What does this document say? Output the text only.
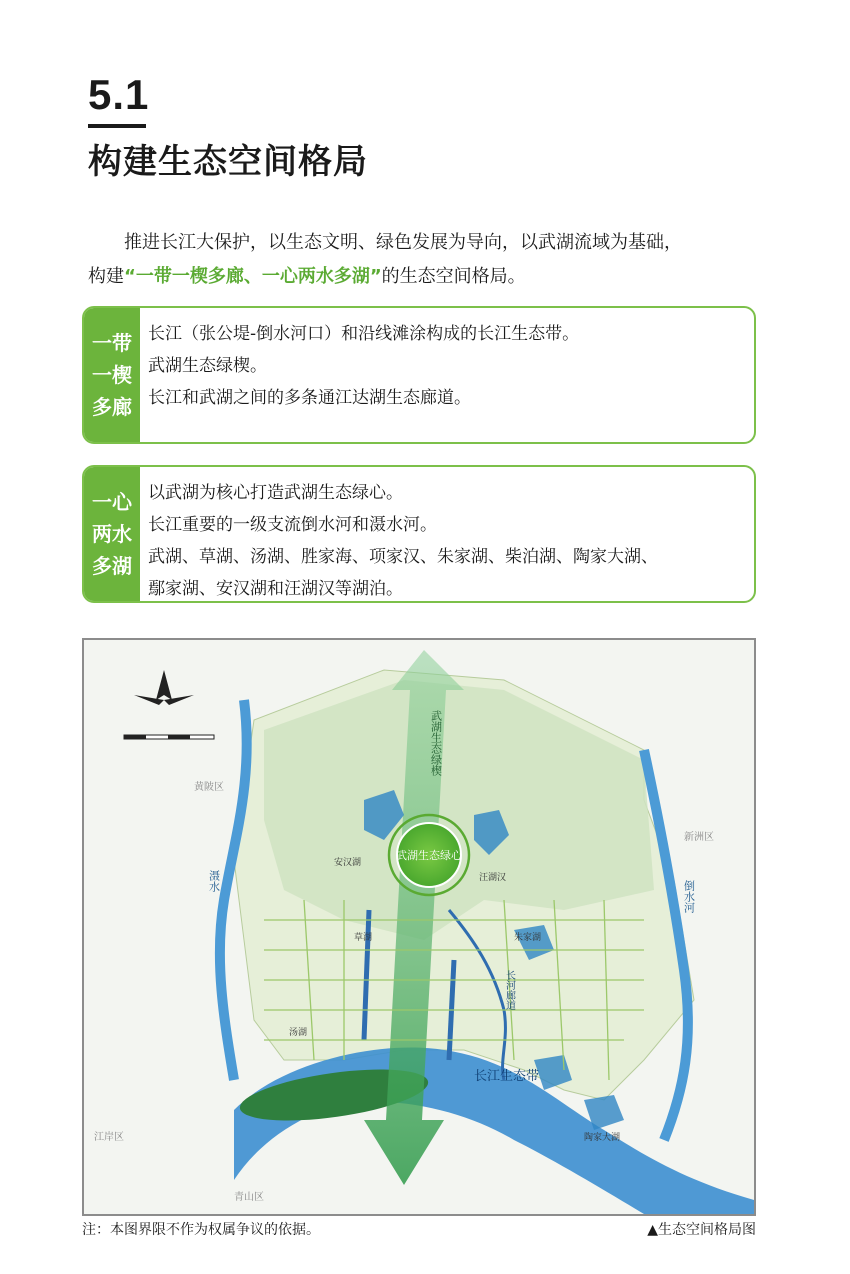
5.1
构建生态空间格局
推进长江大保护，以生态文明、绿色发展为导向，以武湖流域为基础，
构建“一带一楔多廊、一心两水多湖”的生态空间格局。
一带
一楔
多廊
长江（张公堤-倒水河口）和沿线滩涂构成的长江生态带。
武湖生态绿楔。
长江和武湖之间的多条通江达湖生态廊道。
一心
两水
多湖
以武湖为核心打造武湖生态绿心。
长江重要的一级支流倒水河和滠水河。
武湖、草湖、汤湖、胜家海、项家汉、朱家湖、柴泊湖、陶家大湖、
鄢家湖、安汉湖和汪湖汉等湖泊。
武湖生态绿楔
武湖生态绿心
滠水	倒水河
长江生态带
长河廊道
草湖
汤湖
朱家湖
安汉湖
汪湖汉
陶家大湖
黄陂区
新洲区
江岸区
青山区
注：本图界限不作为权属争议的依据。	▲生态空间格局图
